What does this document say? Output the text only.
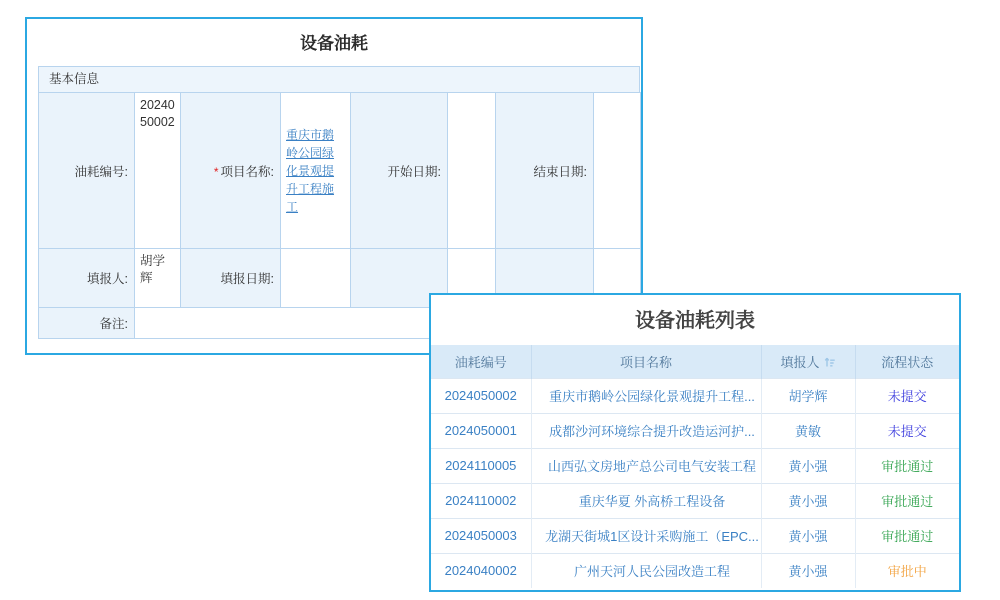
设备油耗
基本信息
油耗编号:	2024050002	* 项目名称:	重庆市鹅岭公园绿化景观提升工程施工	开始日期:		结束日期:	
填报人:	胡学辉	填报日期:					
备注:								设备油耗列表
油耗编号	项目名称	填报人	流程状态
2024050002	重庆市鹅岭公园绿化景观提升工程...	胡学辉	未提交
2024050001	成都沙河环境综合提升改造运河护...	黄敏	未提交
2024110005	山西弘文房地产总公司电气安装工程	黄小强	审批通过
2024110002	重庆华夏 外高桥工程设备	黄小强	审批通过
2024050003	龙湖天街城1区设计采购施工（EPC...	黄小强	审批通过
2024040002	广州天河人民公园改造工程	黄小强	审批中
